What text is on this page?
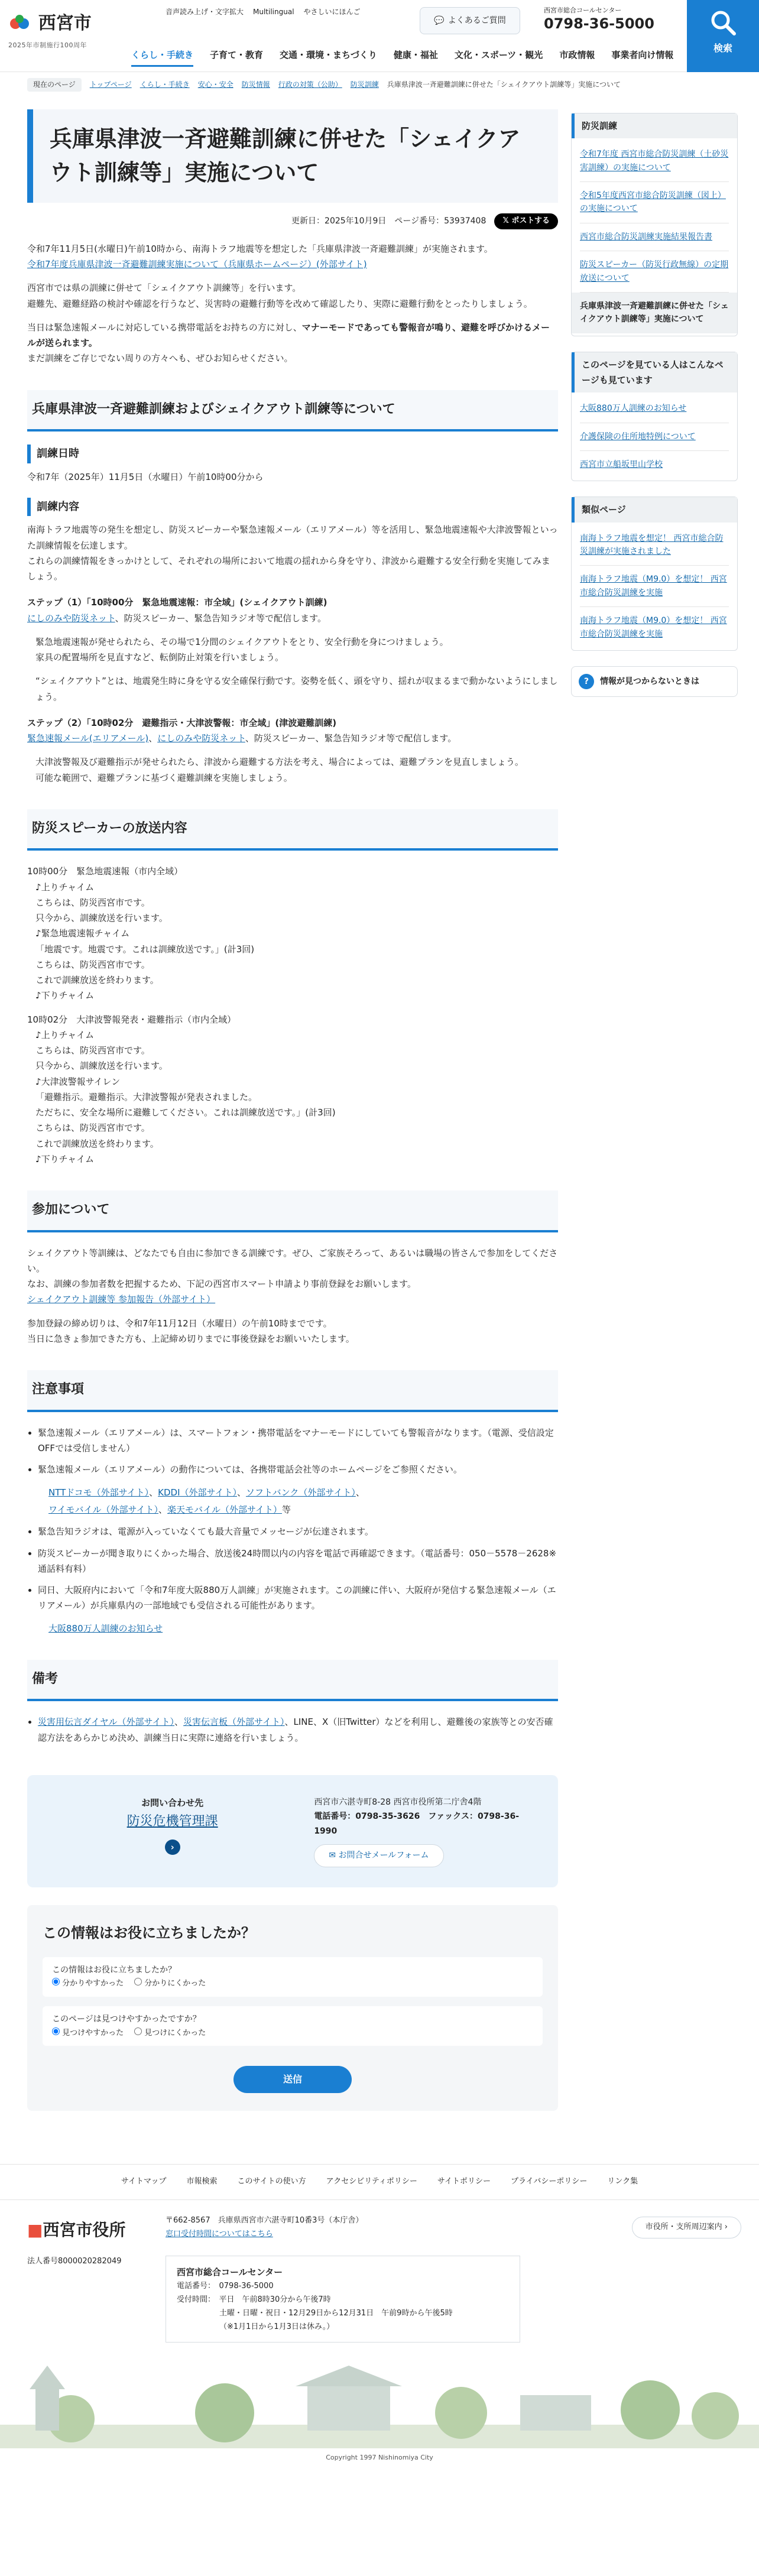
西宮市
2025年市制施行100周年
音声読み上げ・文字拡大 Multilingual やさしいにほんご
💬 よくあるご質問
西宮市総合コールセンター
0798-36-5000
検索
くらし・手続き 子育て・教育 交通・環境・まちづくり 健康・福祉 文化・スポーツ・観光 市政情報 事業者向け情報
現在のページ	トップページ くらし・手続き 安心・安全 防災情報 行政の対策（公助） 防災訓練 兵庫県津波一斉避難訓練に併せた「シェイクアウト訓練等」実施について
兵庫県津波一斉避難訓練に併せた「シェイクアウト訓練等」実施について
更新日：2025年10月9日 ページ番号：53937408	𝕏 ポストする

令和7年11月5日(水曜日)午前10時から、南海トラフ地震等を想定した「兵庫県津波一斉避難訓練」が実施されます。
令和7年度兵庫県津波一斉避難訓練実施について（兵庫県ホームページ）(外部サイト)

西宮市では県の訓練に併せて「シェイクアウト訓練等」を行います。
避難先、避難経路の検討や確認を行うなど、災害時の避難行動等を改めて確認したり、実際に避難行動をとったりしましょう。

当日は緊急速報メールに対応している携帯電話をお持ちの方に対し、マナーモードであっても警報音が鳴り、避難を呼びかけるメールが送られます。
まだ訓練をご存じでない周りの方々へも、ぜひお知らせください。

兵庫県津波一斉避難訓練およびシェイクアウト訓練等について
訓練日時

令和7年（2025年）11月5日（水曜日）午前10時00分から

訓練内容

南海トラフ地震等の発生を想定し、防災スピーカーや緊急速報メール（エリアメール）等を活用し、緊急地震速報や大津波警報といった訓練情報を伝達します。
これらの訓練情報をきっかけとして、それぞれの場所において地震の揺れから身を守り、津波から避難する安全行動を実施してみましょう。

ステップ（1）「10時00分　緊急地震速報：市全域」(シェイクアウト訓練)

にしのみや防災ネット、防災スピーカー、緊急告知ラジオ等で配信します。

緊急地震速報が発せられたら、その場で1分間のシェイクアウトをとり、安全行動を身につけましょう。
家具の配置場所を見直すなど、転倒防止対策を行いましょう。

“シェイクアウト”とは、地震発生時に身を守る安全確保行動です。姿勢を低く、頭を守り、揺れが収まるまで動かないようにしましょう。

ステップ（2）「10時02分　避難指示・大津波警報：市全域」(津波避難訓練)

緊急速報メール(エリアメール)、にしのみや防災ネット、防災スピーカー、緊急告知ラジオ等で配信します。

大津波警報及び避難指示が発せられたら、津波から避難する方法を考え、場合によっては、避難プランを見直しましょう。
可能な範囲で、避難プランに基づく避難訓練を実施しましょう。

防災スピーカーの放送内容

10時00分　緊急地震速報（市内全域）
♪上りチャイム
こちらは、防災西宮市です。
只今から、訓練放送を行います。
♪緊急地震速報チャイム
「地震です。地震です。これは訓練放送です。」(計3回)
こちらは、防災西宮市です。
これで訓練放送を終わります。
♪下りチャイム

10時02分　大津波警報発表・避難指示（市内全域）
♪上りチャイム
こちらは、防災西宮市です。
只今から、訓練放送を行います。
♪大津波警報サイレン
「避難指示。避難指示。大津波警報が発表されました。
ただちに、安全な場所に避難してください。これは訓練放送です。」(計3回)
こちらは、防災西宮市です。
これで訓練放送を終わります。
♪下りチャイム

参加について

シェイクアウト等訓練は、どなたでも自由に参加できる訓練です。ぜひ、ご家族そろって、あるいは職場の皆さんで参加をしてください。
なお、訓練の参加者数を把握するため、下記の西宮市スマート申請より事前登録をお願いします。
シェイクアウト訓練等 参加報告（外部サイト）

参加登録の締め切りは、令和7年11月12日（水曜日）の午前10時までです。
当日に急きょ参加できた方も、上記締め切りまでに事後登録をお願いいたします。

注意事項
• 緊急速報メール（エリアメール）は、スマートフォン・携帯電話をマナーモードにしていても警報音がなります。（電源、受信設定OFFでは受信しません）
• 緊急速報メール（エリアメール）の動作については、各携帯電話会社等のホームページをご参照ください。
NTTドコモ（外部サイト）、KDDI（外部サイト）、ソフトバンク（外部サイト）、
ワイモバイル（外部サイト）、楽天モバイル（外部サイト）等
• 緊急告知ラジオは、電源が入っていなくても最大音量でメッセージが伝達されます。
• 防災スピーカーが聞き取りにくかった場合、放送後24時間以内の内容を電話で再確認できます。（電話番号：050－5578－2628※通話料有料）
• 同日、大阪府内において「令和7年度大阪880万人訓練」が実施されます。この訓練に伴い、大阪府が発信する緊急速報メール（エリアメール）が兵庫県内の一部地域でも受信される可能性があります。
大阪880万人訓練のお知らせ
備考
• 災害用伝言ダイヤル（外部サイト）、災害伝言板（外部サイト）、LINE、X（旧Twitter）などを利用し、避難後の家族等との安否確認方法をあらかじめ決め、訓練当日に実際に連絡を行いましょう。
お問い合わせ先
防災危機管理課
›
西宮市六湛寺町8-28 西宮市役所第二庁舎4階
電話番号：0798-35-3626　 ファックス：0798-36-1990
✉ お問合せメールフォーム
この情報はお役に立ちましたか？
この情報はお役に立ちましたか？
分かりやすかった	分かりにくかった
このページは見つけやすかったですか？
見つけやすかった	見つけにくかった
送信
防災訓練
令和7年度 西宮市総合防災訓練（土砂災害訓練）の実施について
令和5年度西宮市総合防災訓練（図上）の実施について
西宮市総合防災訓練実施結果報告書
防災スピーカー（防災行政無線）の定期放送について
兵庫県津波一斉避難訓練に併せた「シェイクアウト訓練等」実施について
このページを見ている人はこんなページも見ています
大阪880万人訓練のお知らせ
介護保険の住所地特例について
西宮市立船坂里山学校
類似ページ
南海トラフ地震を想定！ 西宮市総合防災訓練が実施されました
南海トラフ地震（M9.0）を想定！ 西宮市総合防災訓練を実施
南海トラフ地震（M9.0）を想定！ 西宮市総合防災訓練を実施
?	情報が見つからないときは
サイトマップ	市報検索	このサイトの使い方	アクセシビリティポリシー	サイトポリシー	プライバシーポリシー	リンク集
■西宮市役所
法人番号8000020282049
〒662-8567　兵庫県西宮市六湛寺町10番3号（本庁舎）
窓口受付時間についてはこちら
西宮市総合コールセンター
電話番号：　0798-36-5000
受付時間：　平日　午前8時30分から午後7時
土曜・日曜・祝日・12月29日から12月31日　午前9時から午後5時
（※1月1日から1月3日は休み。）
市役所・支所周辺案内 ›
Copyright 1997 Nishinomiya City
